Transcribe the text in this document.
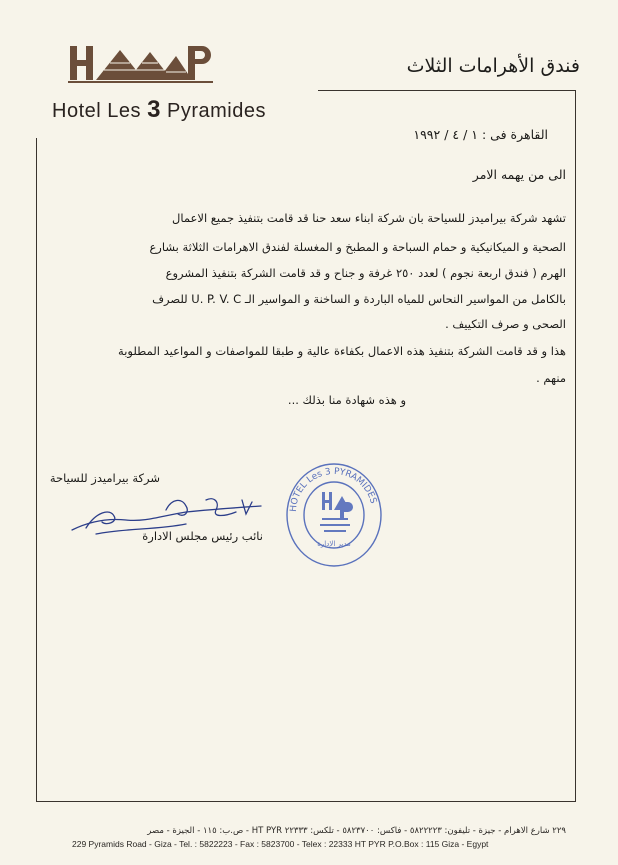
Hotel Les 3 Pyramides
فندق الأهرامات الثلاث
القاهرة فى : ١ / ٤ / ١٩٩٢
الى من يهمه الامر
تشهد شركة بيراميدز للسياحة بان شركة ابناء سعد حنا قد قامت بتنفيذ جميع الاعمال
الصحية و الميكانيكية و حمام السباحة و المطبخ و المغسلة لفندق الاهرامات الثلاثة بشارع
الهرم ( فندق اربعة نجوم ) لعدد ٢٥٠ غرفة و جناح و قد قامت الشركة بتنفيذ المشروع
بالكامل من المواسير النحاس للمياه الباردة و الساخنة و المواسير الـ U. P. V. C للصرف
الصحى و صرف التكييف .
هذا و قد قامت الشركة بتنفيذ هذه الاعمال بكفاءة عالية و طبقا للمواصفات و المواعيد المطلوبة
منهم .
و هذه شهادة منا بذلك ...
شركة بيراميدز للسياحة
نائب رئيس مجلس الادارة
HOTEL Les 3 PYRAMIDES
مدير الإدارة
٢٢٩ شارع الاهرام - جيزة - تليفون: ٥٨٢٢٢٢٣ - فاكس: ٥٨٢٣٧٠٠ - تلكس: ٢٢٣٣٣ HT PYR - ص.ب: ١١٥ - الجيزة - مصر
229 Pyramids Road - Giza - Tel. : 5822223 - Fax : 5823700 - Telex : 22333 HT PYR P.O.Box : 115 Giza - Egypt
